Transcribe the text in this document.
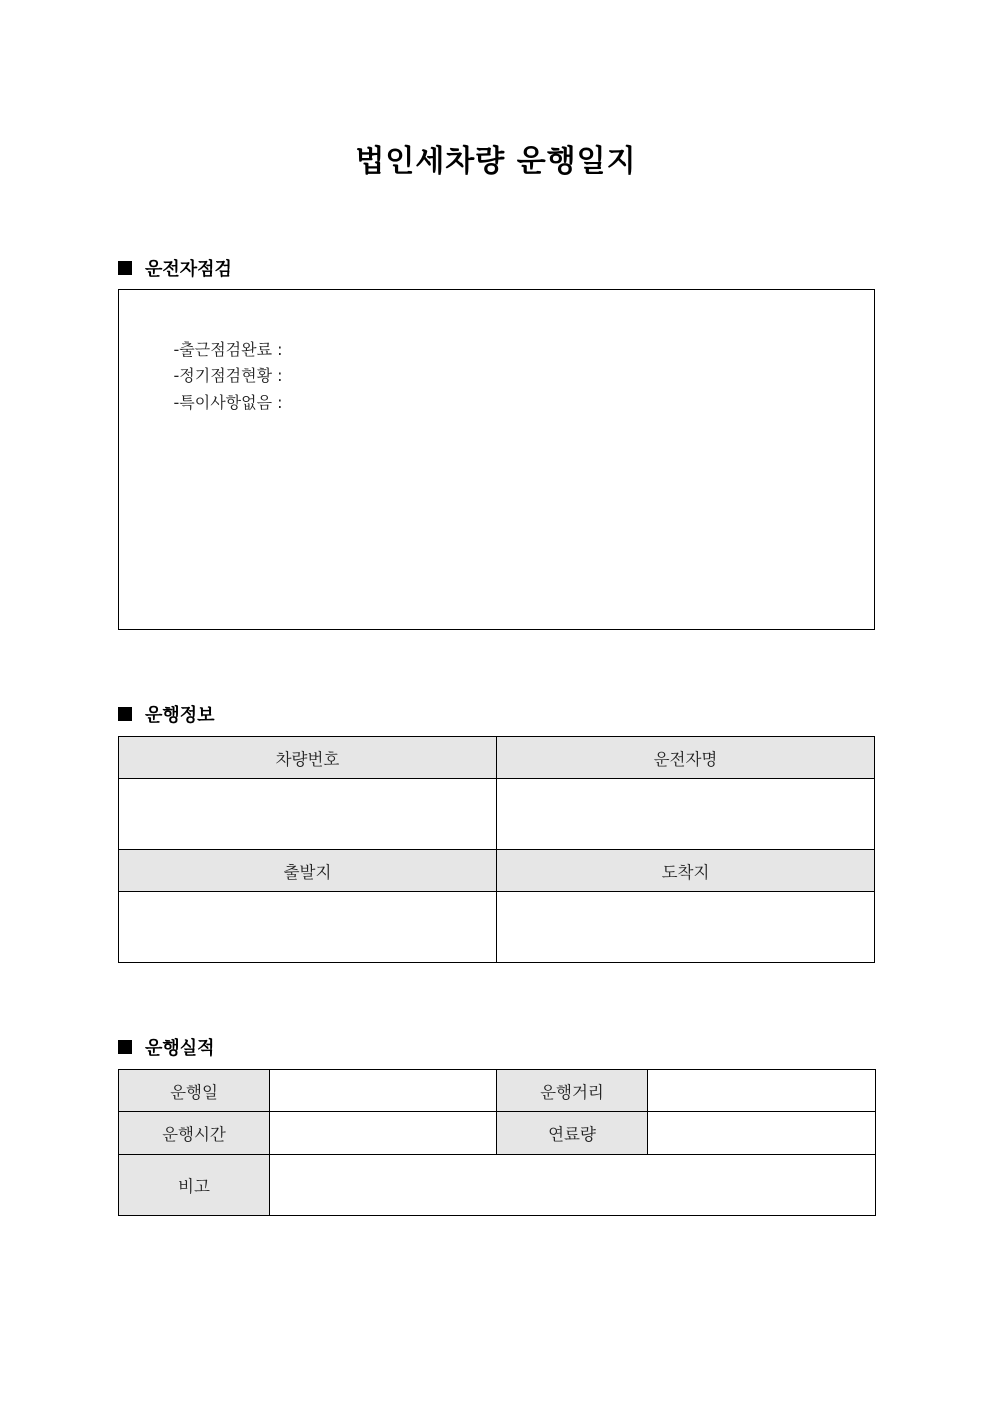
법인세차량 운행일지
운전자점검

-출근점검완료 :

-정기점검현황 :

-특이사항없음 :

운행정보
차량번호	운전자명

출발지	도착지

운행실적
운행일		운행거리	
운행시간		연료량	
비고			
